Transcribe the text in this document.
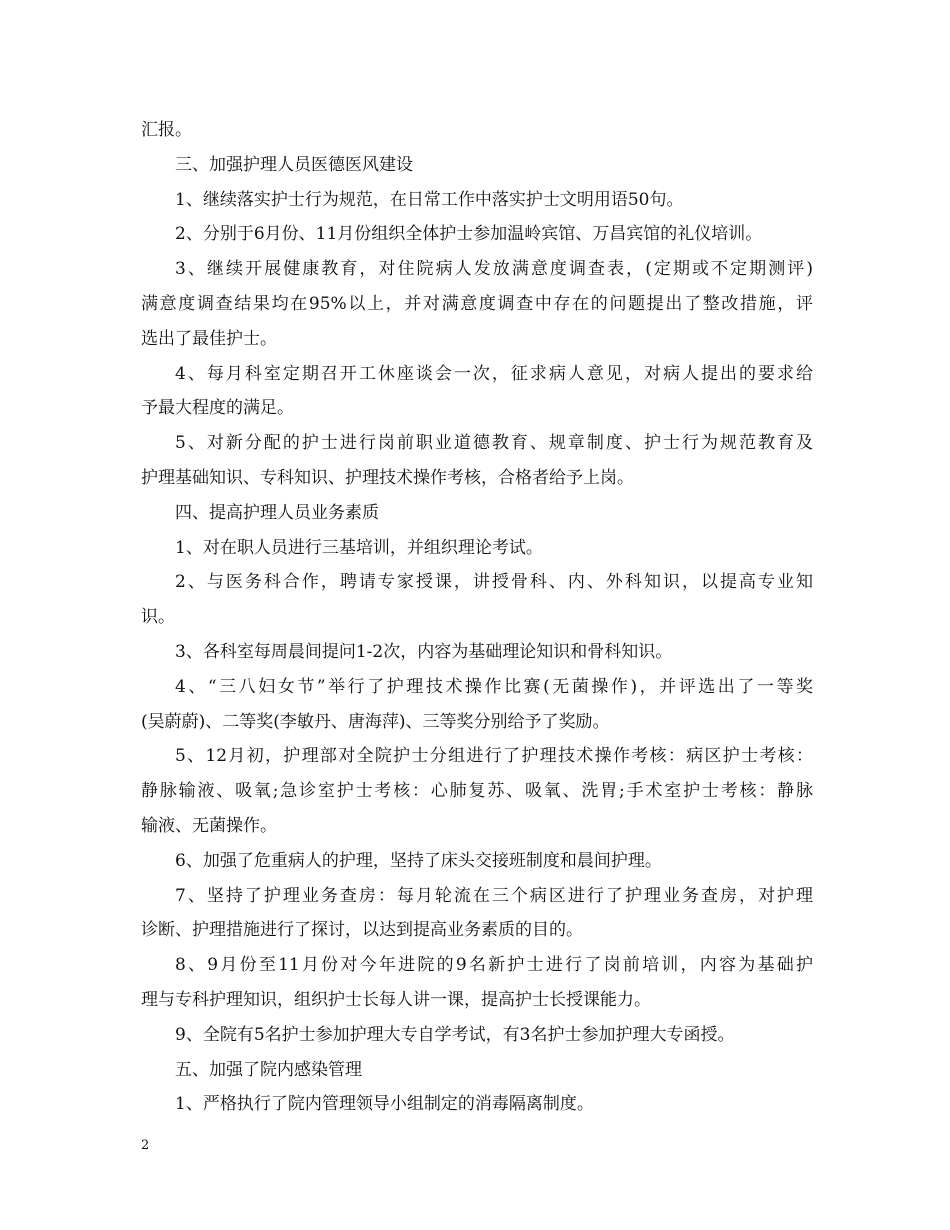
汇报。
三、加强护理人员医德医风建设
1、继续落实护士行为规范，在日常工作中落实护士文明用语50句。
2、分别于6月份、11月份组织全体护士参加温岭宾馆、万昌宾馆的礼仪培训。
3、继续开展健康教育，对住院病人发放满意度调查表，(定期或不定期测评)
满意度调查结果均在95%以上，并对满意度调查中存在的问题提出了整改措施，评
选出了最佳护士。
4、每月科室定期召开工休座谈会一次，征求病人意见，对病人提出的要求给
予最大程度的满足。
5、对新分配的护士进行岗前职业道德教育、规章制度、护士行为规范教育及
护理基础知识、专科知识、护理技术操作考核，合格者给予上岗。
四、提高护理人员业务素质
1、对在职人员进行三基培训，并组织理论考试。
2、与医务科合作，聘请专家授课，讲授骨科、内、外科知识，以提高专业知
识。
3、各科室每周晨间提问1-2次，内容为基础理论知识和骨科知识。
4、“三八妇女节”举行了护理技术操作比赛(无菌操作)，并评选出了一等奖
(吴蔚蔚)、二等奖(李敏丹、唐海萍)、三等奖分别给予了奖励。
5、12月初，护理部对全院护士分组进行了护理技术操作考核：病区护士考核：
静脉输液、吸氧;急诊室护士考核：心肺复苏、吸氧、洗胃;手术室护士考核：静脉
输液、无菌操作。
6、加强了危重病人的护理，坚持了床头交接班制度和晨间护理。
7、坚持了护理业务查房：每月轮流在三个病区进行了护理业务查房，对护理
诊断、护理措施进行了探讨，以达到提高业务素质的目的。
8、9月份至11月份对今年进院的9名新护士进行了岗前培训，内容为基础护
理与专科护理知识，组织护士长每人讲一课，提高护士长授课能力。
9、全院有5名护士参加护理大专自学考试，有3名护士参加护理大专函授。
五、加强了院内感染管理
1、严格执行了院内管理领导小组制定的消毒隔离制度。
2
